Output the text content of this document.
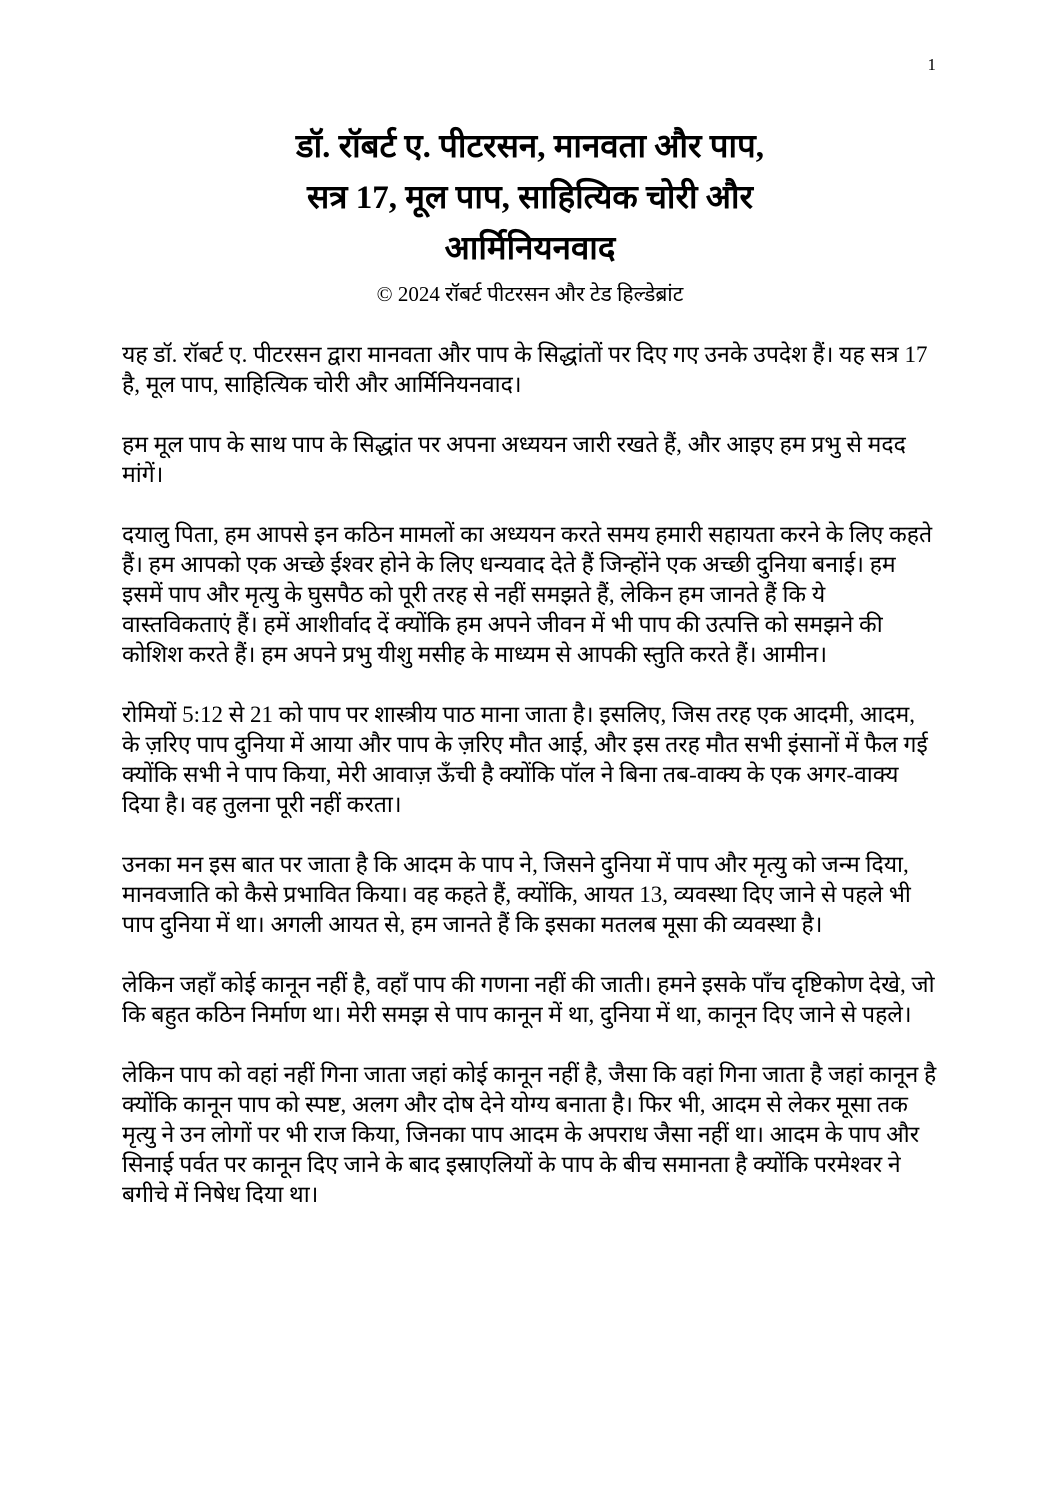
1
डॉ. रॉबर्ट ए. पीटरसन, मानवता और पाप,
सत्र 17, मूल पाप, साहित्यिक चोरी और
आर्मिनियनवाद
© 2024 रॉबर्ट पीटरसन और टेड हिल्डेब्रांट

यह डॉ. रॉबर्ट ए. पीटरसन द्वारा मानवता और पाप के सिद्धांतों पर दिए गए उनके उपदेश हैं। यह सत्र 17 है, मूल पाप, साहित्यिक चोरी और आर्मिनियनवाद।

हम मूल पाप के साथ पाप के सिद्धांत पर अपना अध्ययन जारी रखते हैं, और आइए हम प्रभु से मदद मांगें।

दयालु पिता, हम आपसे इन कठिन मामलों का अध्ययन करते समय हमारी सहायता करने के लिए कहते हैं। हम आपको एक अच्छे ईश्वर होने के लिए धन्यवाद देते हैं जिन्होंने एक अच्छी दुनिया बनाई। हम इसमें पाप और मृत्यु के घुसपैठ को पूरी तरह से नहीं समझते हैं, लेकिन हम जानते हैं कि ये वास्तविकताएं हैं। हमें आशीर्वाद दें क्योंकि हम अपने जीवन में भी पाप की उत्पत्ति को समझने की कोशिश करते हैं। हम अपने प्रभु यीशु मसीह के माध्यम से आपकी स्तुति करते हैं। आमीन।

रोमियों 5:12 से 21 को पाप पर शास्त्रीय पाठ माना जाता है। इसलिए, जिस तरह एक आदमी, आदम, के ज़रिए पाप दुनिया में आया और पाप के ज़रिए मौत आई, और इस तरह मौत सभी इंसानों में फैल गई क्योंकि सभी ने पाप किया, मेरी आवाज़ ऊँची है क्योंकि पॉल ने बिना तब-वाक्य के एक अगर-वाक्य दिया है। वह तुलना पूरी नहीं करता।

उनका मन इस बात पर जाता है कि आदम के पाप ने, जिसने दुनिया में पाप और मृत्यु को जन्म दिया, मानवजाति को कैसे प्रभावित किया। वह कहते हैं, क्योंकि, आयत 13, व्यवस्था दिए जाने से पहले भी पाप दुनिया में था। अगली आयत से, हम जानते हैं कि इसका मतलब मूसा की व्यवस्था है।

लेकिन जहाँ कोई कानून नहीं है, वहाँ पाप की गणना नहीं की जाती। हमने इसके पाँच दृष्टिकोण देखे, जो कि बहुत कठिन निर्माण था। मेरी समझ से पाप कानून में था, दुनिया में था, कानून दिए जाने से पहले।

लेकिन पाप को वहां नहीं गिना जाता जहां कोई कानून नहीं है, जैसा कि वहां गिना जाता है जहां कानून है क्योंकि कानून पाप को स्पष्ट, अलग और दोष देने योग्य बनाता है। फिर भी, आदम से लेकर मूसा तक मृत्यु ने उन लोगों पर भी राज किया, जिनका पाप आदम के अपराध जैसा नहीं था। आदम के पाप और सिनाई पर्वत पर कानून दिए जाने के बाद इस्राएलियों के पाप के बीच समानता है क्योंकि परमेश्वर ने बगीचे में निषेध दिया था।
